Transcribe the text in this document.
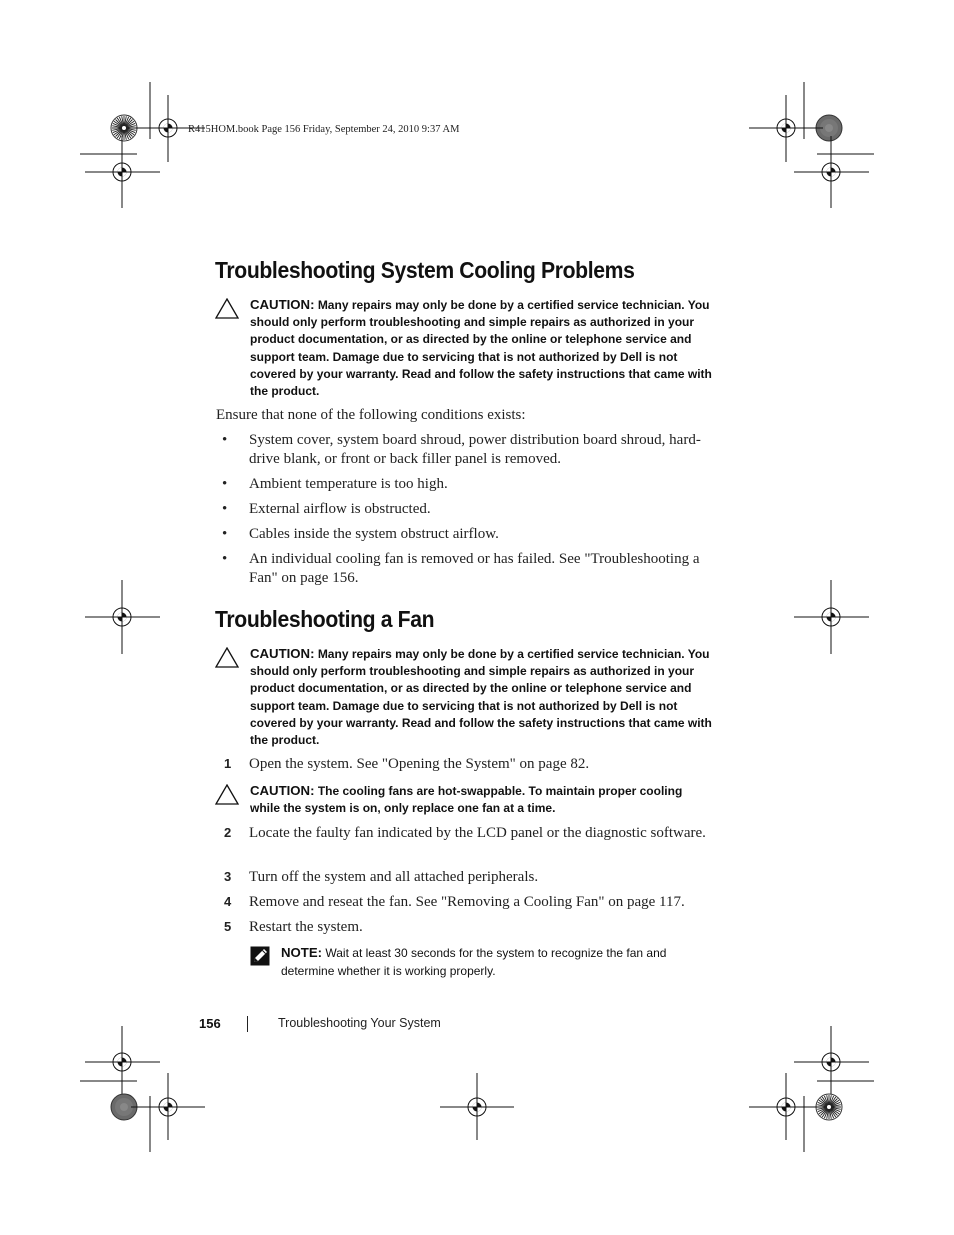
R415HOM.book Page 156 Friday, September 24, 2010 9:37 AM
Troubleshooting System Cooling Problems

CAUTION: Many repairs may only be done by a certified service technician. You should only perform troubleshooting and simple repairs as authorized in your product documentation, or as directed by the online or telephone service and support team. Damage due to servicing that is not authorized by Dell is not covered by your warranty. Read and follow the safety instructions that came with the product.

Ensure that none of the following conditions exists:
• System cover, system board shroud, power distribution board shroud, hard-drive blank, or front or back filler panel is removed.
• Ambient temperature is too high.
• External airflow is obstructed.
• Cables inside the system obstruct airflow.
• An individual cooling fan is removed or has failed. See "Troubleshooting a Fan" on page 156.
Troubleshooting a Fan

CAUTION: Many repairs may only be done by a certified service technician. You should only perform troubleshooting and simple repairs as authorized in your product documentation, or as directed by the online or telephone service and support team. Damage due to servicing that is not authorized by Dell is not covered by your warranty. Read and follow the safety instructions that came with the product.

1 Open the system. See "Opening the System" on page 82.

CAUTION: The cooling fans are hot-swappable. To maintain proper cooling while the system is on, only replace one fan at a time.

2 Locate the faulty fan indicated by the LCD panel or the diagnostic software.
3 Turn off the system and all attached peripherals.
4 Remove and reseat the fan. See "Removing a Cooling Fan" on page 117.
5 Restart the system.

NOTE: Wait at least 30 seconds for the system to recognize the fan and determine whether it is working properly.

156	Troubleshooting Your System
